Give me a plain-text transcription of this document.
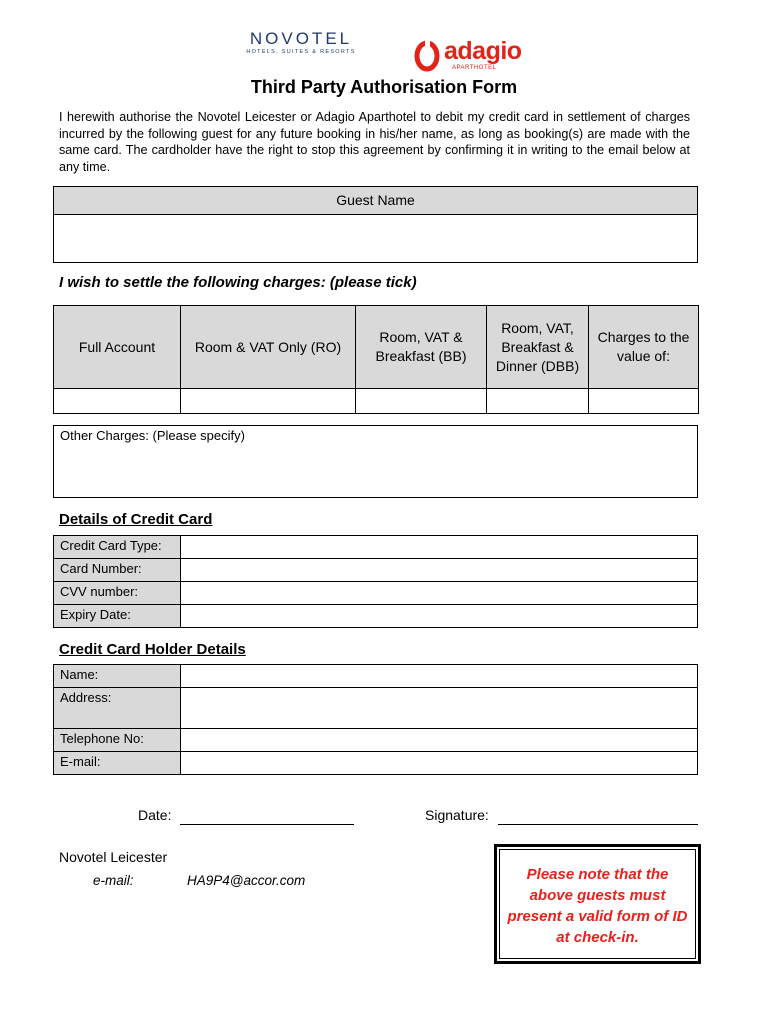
NOVOTEL
HOTELS, SUITES & RESORTS	adagio
APARTHOTEL
Third Party Authorisation Form
I herewith authorise the Novotel Leicester or Adagio Aparthotel to debit my credit card in settlement of charges incurred by the following guest for any future booking in his/her name, as long as booking(s) are made with the same card. The cardholder have the right to stop this agreement by confirming it in writing to the email below at any time.
Guest Name
I wish to settle the following charges: (please tick)
Full Account	Room & VAT Only (RO)	Room, VAT & Breakfast (BB)	Room, VAT, Breakfast & Dinner (DBB)	Charges to the value of:

Other Charges: (Please specify)
Details of Credit Card
Credit Card Type:	
Card Number:	
CVV number:	
Expiry Date:	
Credit Card Holder Details
Name:	
Address:	
Telephone No:	
E-mail:	
Date:	Signature:
Novotel Leicester
e-mail:	HA9P4@accor.com	Please note that the above guests must present a valid form of ID at check-in.
